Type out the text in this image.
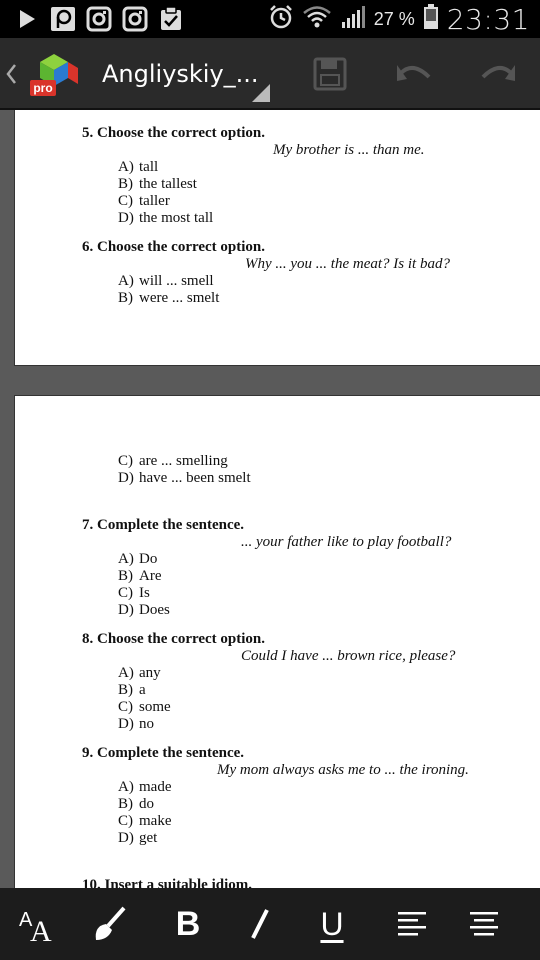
27 % 23:31
pro Angliyskiy_...
5. Choose the correct option.
My brother is ... than me.
A) tall
B) the tallest
C) taller
D) the most tall
6. Choose the correct option.
Why ... you ... the meat? Is it bad?
A) will ... smell
B) were ... smelt
C) are ... smelling
D) have ... been smelt
7. Complete the sentence.
... your father like to play football?
A) Do
B) Are
C) Is
D) Does
8. Choose the correct option.
Could I have ... brown rice, please?
A) any
B) a
C) some
D) no
9. Complete the sentence.
My mom always asks me to ... the ironing.
A) made
B) do
C) make
D) get
10. Insert a suitable idiom.
A
A	B	U
